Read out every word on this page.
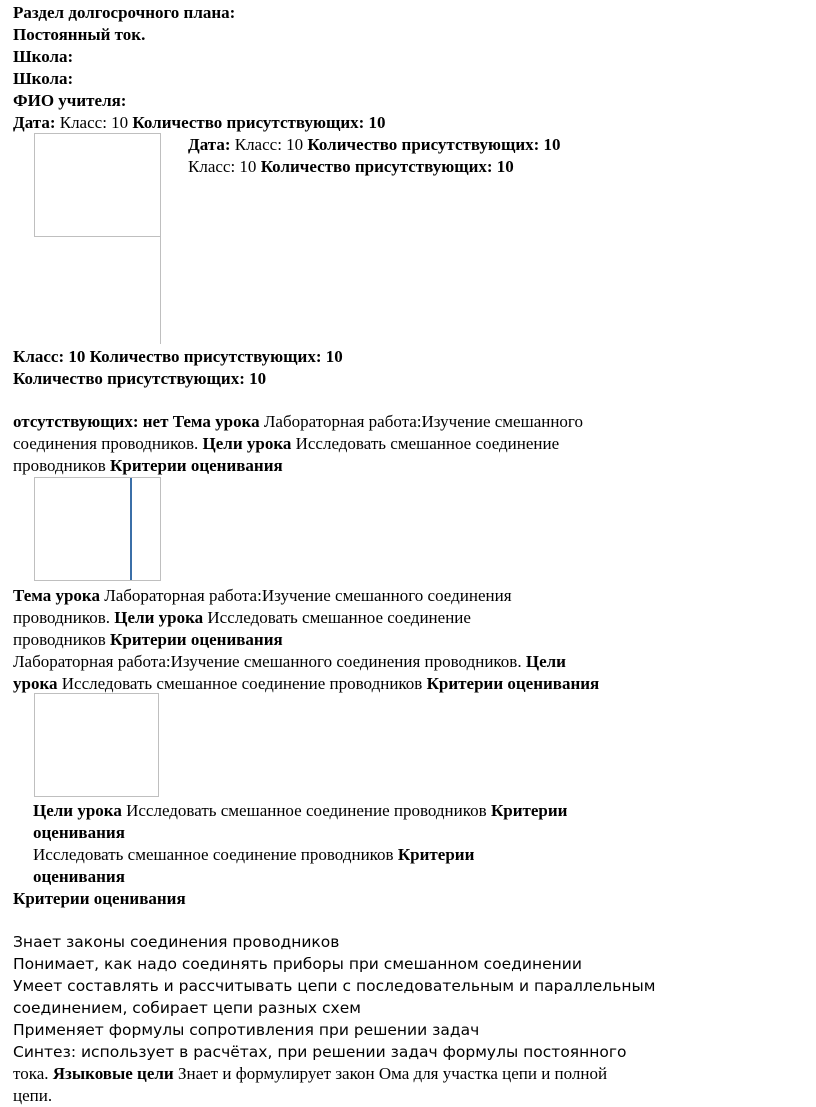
Раздел долгосрочного плана:
Постоянный ток.
Школа:
Школа:
ФИО учителя:
Дата: Класс: 10 Количество присутствующих: 10
Дата: Класс: 10 Количество присутствующих: 10
Класс: 10 Количество присутствующих: 10
Класс: 10 Количество присутствующих: 10
Количество присутствующих: 10
отсутствующих: нет Тема урока Лабораторная работа:Изучение смешанного
соединения проводников. Цели урока Исследовать смешанное соединение
проводников Критерии оценивания
Тема урока Лабораторная работа:Изучение смешанного соединения
проводников. Цели урока Исследовать смешанное соединение
проводников Критерии оценивания
Лабораторная работа:Изучение смешанного соединения проводников. Цели
урока Исследовать смешанное соединение проводников Критерии оценивания
Цели урока Исследовать смешанное соединение проводников Критерии
оценивания
Исследовать смешанное соединение проводников Критерии
оценивания
Критерии оценивания
Знает законы соединения проводников
Понимает, как надо соединять приборы при смешанном соединении
Умеет составлять и рассчитывать цепи с последовательным и параллельным
соединением, собирает цепи разных схем
Применяет формулы сопротивления при решении задач
Синтез: использует в расчётах, при решении задач формулы постоянного
тока. Языковые цели Знает и формулирует закон Ома для участка цепи и полной
цепи.
